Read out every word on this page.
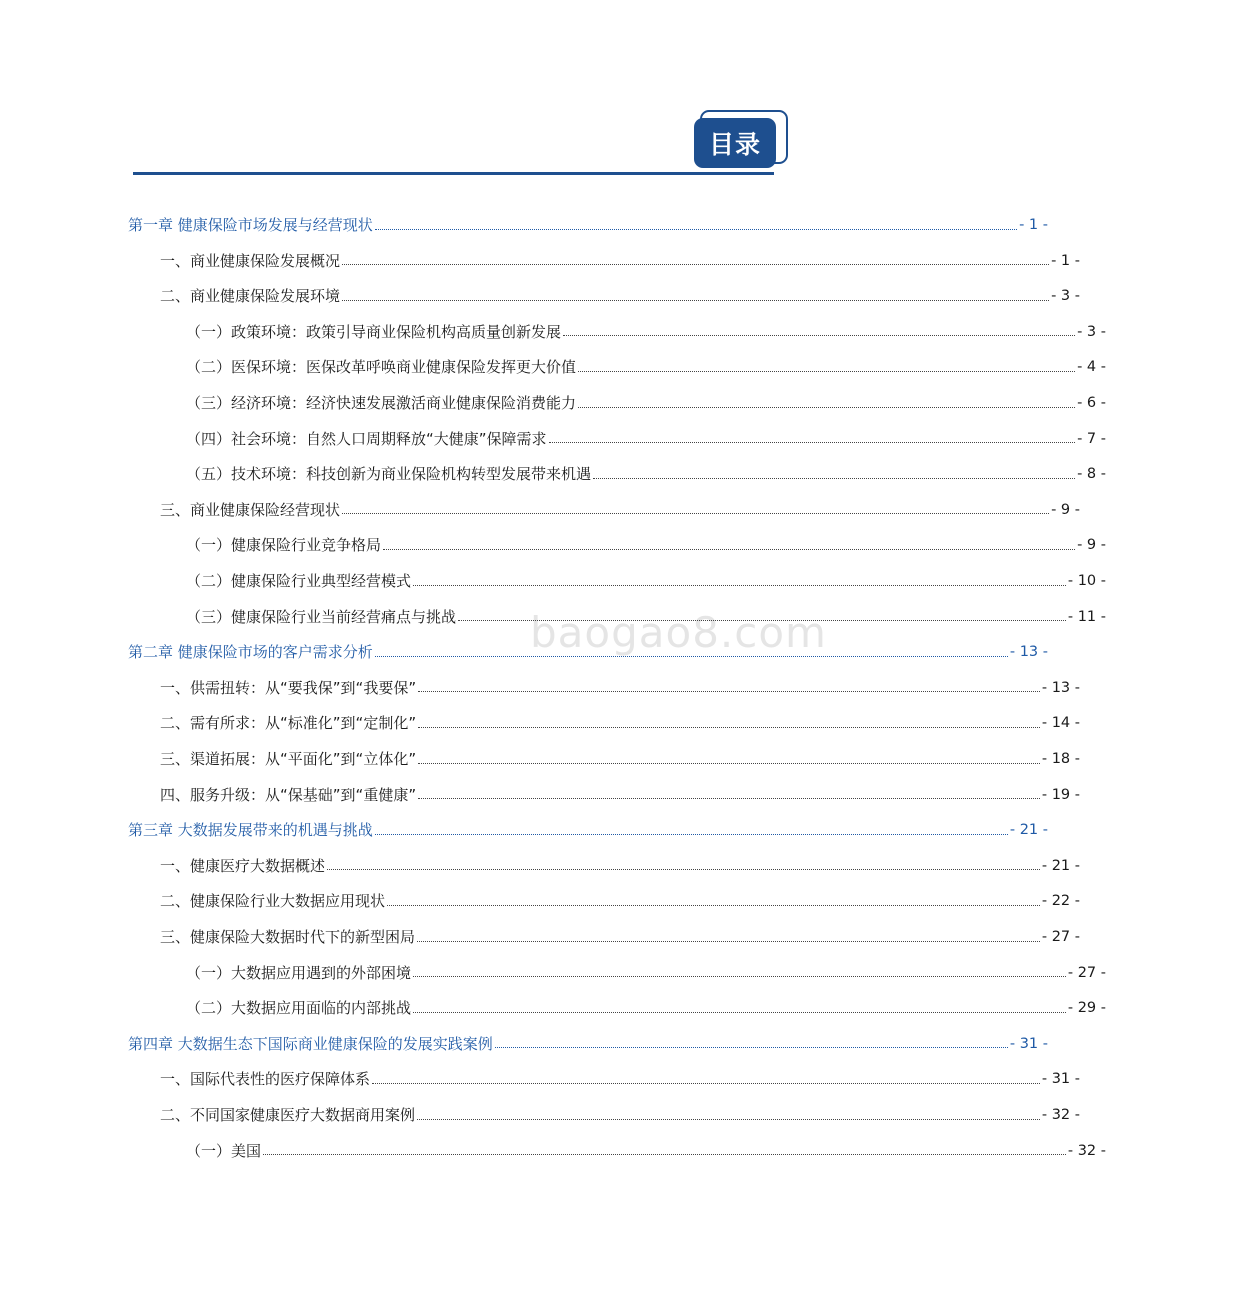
目录
baogao8.com
第一章 健康保险市场发展与经营现状	- 1 -
一、商业健康保险发展概况	- 1 -
二、商业健康保险发展环境	- 3 -
（一）政策环境：政策引导商业保险机构高质量创新发展	- 3 -
（二）医保环境：医保改革呼唤商业健康保险发挥更大价值	- 4 -
（三）经济环境：经济快速发展激活商业健康保险消费能力	- 6 -
（四）社会环境：自然人口周期释放“大健康”保障需求	- 7 -
（五）技术环境：科技创新为商业保险机构转型发展带来机遇	- 8 -
三、商业健康保险经营现状	- 9 -
（一）健康保险行业竞争格局	- 9 -
（二）健康保险行业典型经营模式	- 10 -
（三）健康保险行业当前经营痛点与挑战	- 11 -
第二章 健康保险市场的客户需求分析	- 13 -
一、供需扭转：从“要我保”到“我要保”	- 13 -
二、需有所求：从“标准化”到“定制化”	- 14 -
三、渠道拓展：从“平面化”到“立体化”	- 18 -
四、服务升级：从“保基础”到“重健康”	- 19 -
第三章 大数据发展带来的机遇与挑战	- 21 -
一、健康医疗大数据概述	- 21 -
二、健康保险行业大数据应用现状	- 22 -
三、健康保险大数据时代下的新型困局	- 27 -
（一）大数据应用遇到的外部困境	- 27 -
（二）大数据应用面临的内部挑战	- 29 -
第四章 大数据生态下国际商业健康保险的发展实践案例	- 31 -
一、国际代表性的医疗保障体系	- 31 -
二、不同国家健康医疗大数据商用案例	- 32 -
（一）美国	- 32 -
